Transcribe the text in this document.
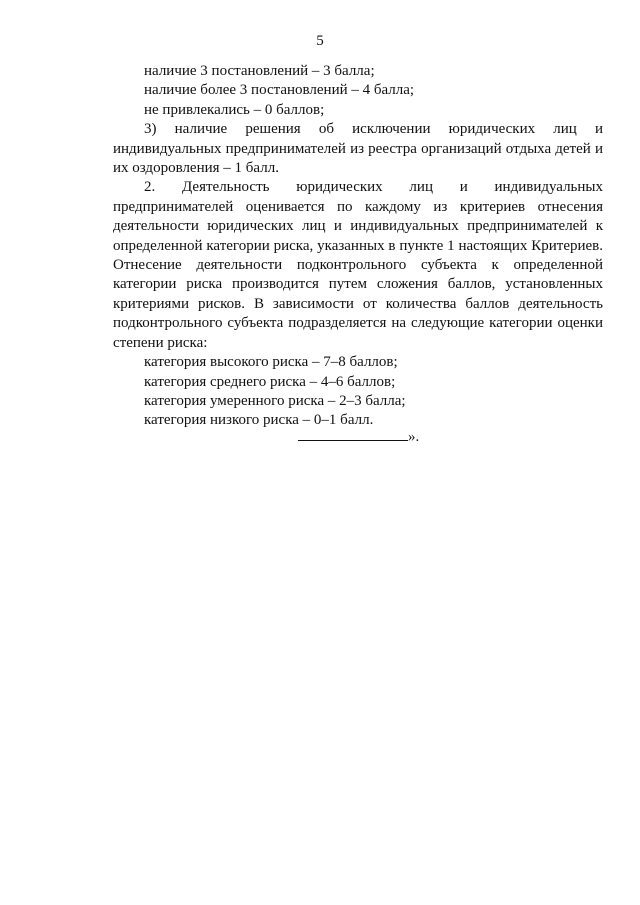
5

наличие 3 постановлений – 3 балла;

наличие более 3 постановлений – 4 балла;

не привлекались – 0 баллов;

3) наличие решения об исключении юридических лиц и индивидуальных предпринимателей из реестра организаций отдыха детей и их оздоровления – 1 балл.

2. Деятельность юридических лиц и индивидуальных предпринимателей оценивается по каждому из критериев отнесения деятельности юридических лиц и индивидуальных предпринимателей к определенной категории риска, указанных в пункте 1 настоящих Критериев. Отнесение деятельности подконтрольного субъекта к определенной категории риска производится путем сложения баллов, установленных критериями рисков. В зависимости от количества баллов деятельность подконтрольного субъекта подразделяется на следующие категории оценки степени риска:

категория высокого риска – 7–8 баллов;

категория среднего риска – 4–6 баллов;

категория умеренного риска – 2–3 балла;

категория низкого риска – 0–1 балл.

».
